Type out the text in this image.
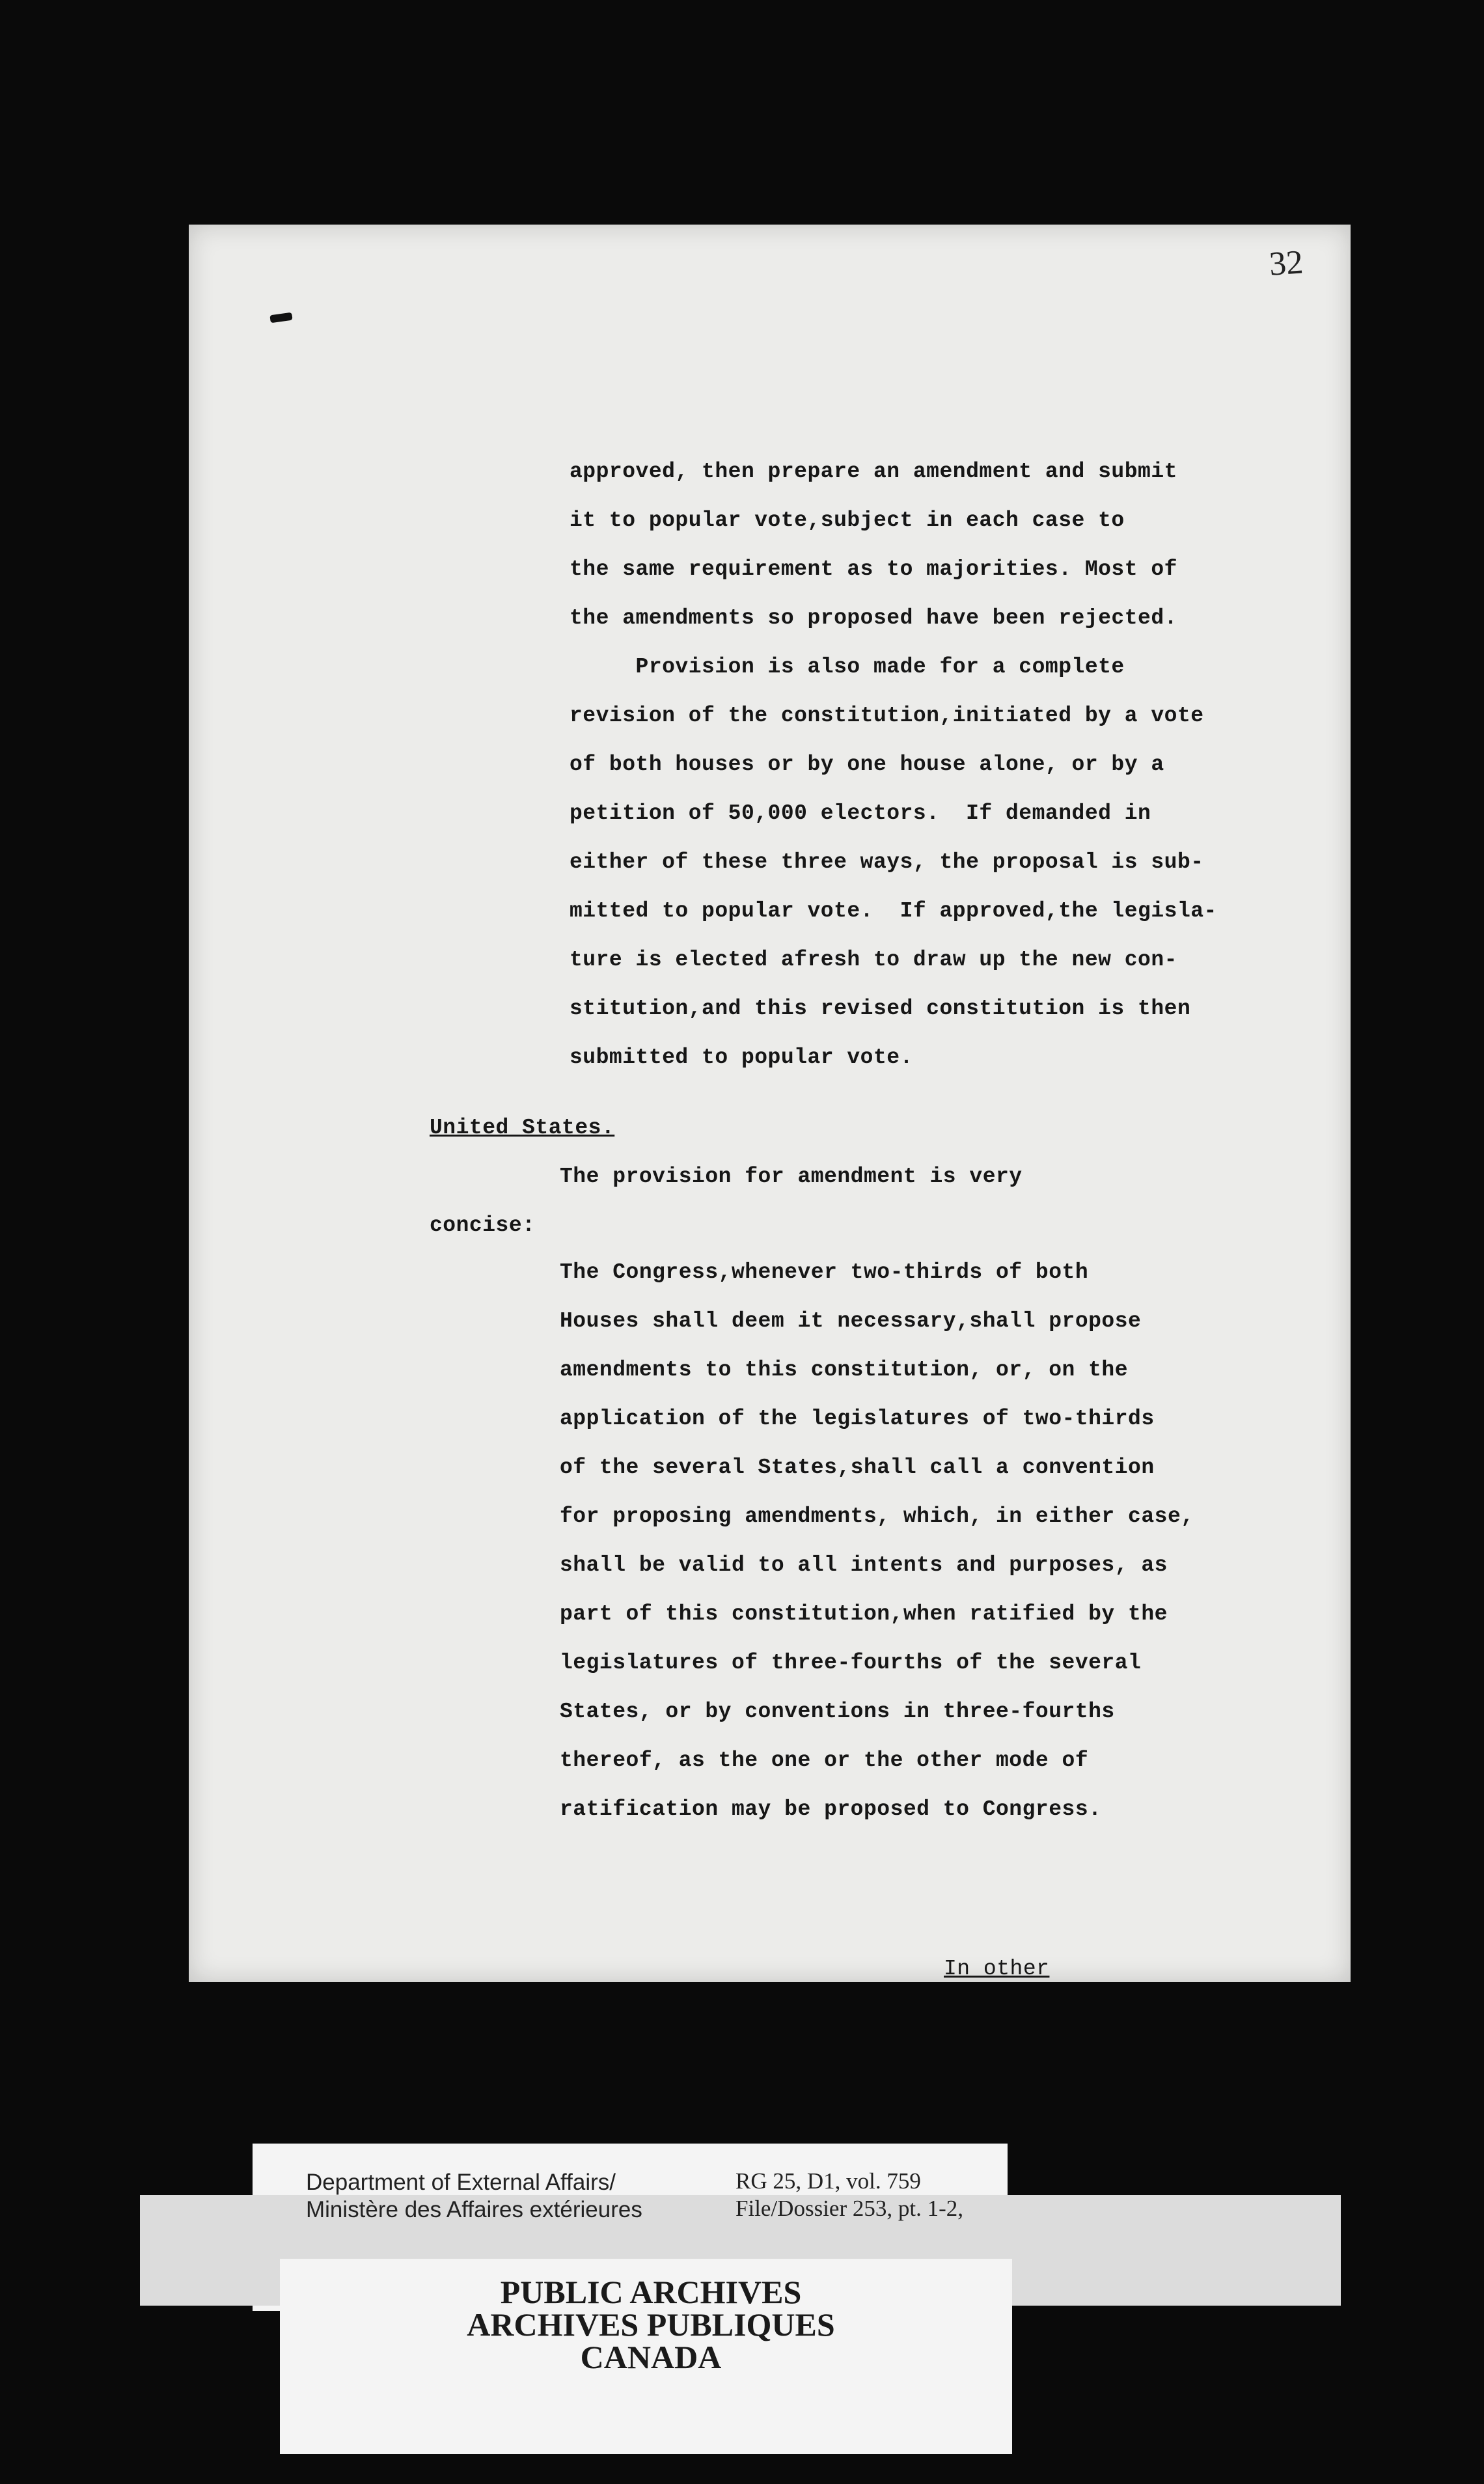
32
approved, then prepare an amendment and submit
it to popular vote,subject in each case to
the same requirement as to majorities. Most of
the amendments so proposed have been rejected.
Provision is also made for a complete
revision of the constitution,initiated by a vote
of both houses or by one house alone, or by a
petition of 50,000 electors.  If demanded in
either of these three ways, the proposal is sub-
mitted to popular vote.  If approved,the legisla-
ture is elected afresh to draw up the new con-
stitution,and this revised constitution is then
submitted to popular vote.
United States.
The provision for amendment is very
concise:
The Congress,whenever two-thirds of both
Houses shall deem it necessary,shall propose
amendments to this constitution, or, on the
application of the legislatures of two-thirds
of the several States,shall call a convention
for proposing amendments, which, in either case,
shall be valid to all intents and purposes, as
part of this constitution,when ratified by the
legislatures of three-fourths of the several
States, or by conventions in three-fourths
thereof, as the one or the other mode of
ratification may be proposed to Congress.
In other
Department of External Affairs/
Ministère des Affaires extérieures
RG 25, D1, vol. 759
File/Dossier 253, pt. 1-2,
PUBLIC ARCHIVES
ARCHIVES PUBLIQUES
CANADA
